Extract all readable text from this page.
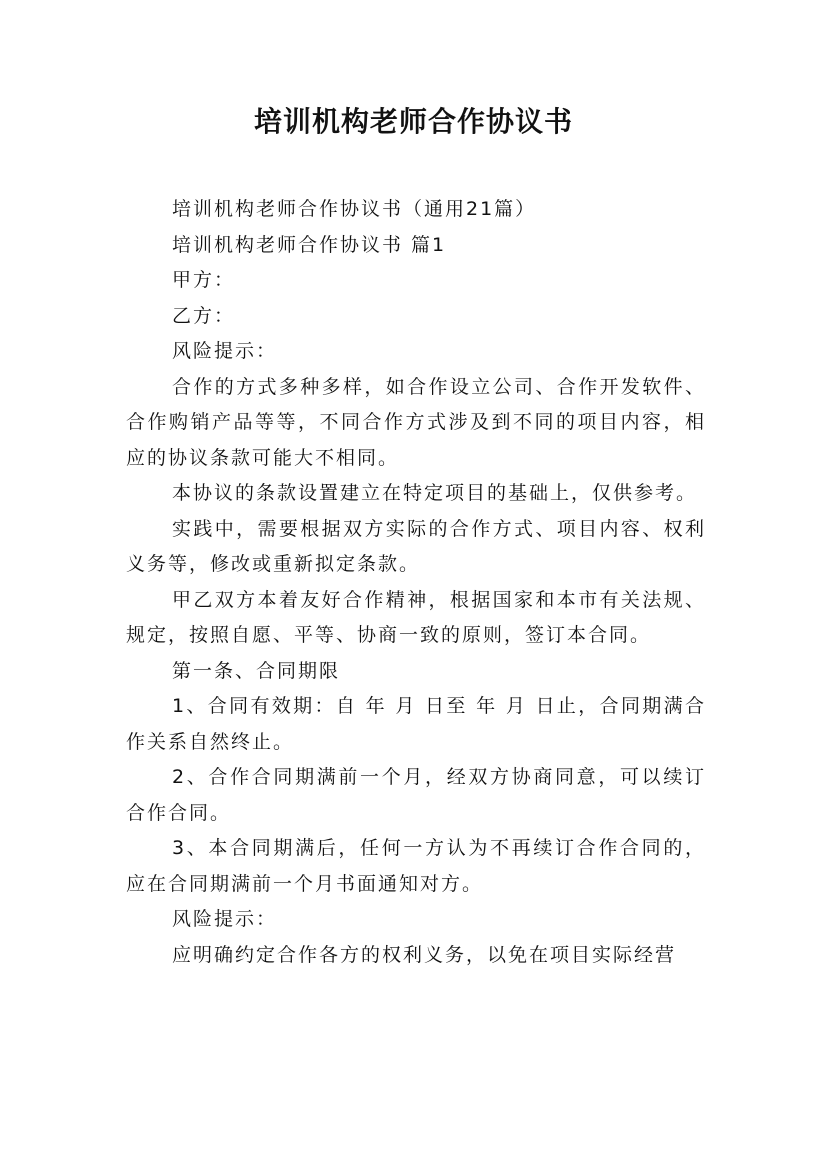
培训机构老师合作协议书

培训机构老师合作协议书（通用21篇）

培训机构老师合作协议书 篇1

甲方：

乙方：

风险提示：

合作的方式多种多样，如合作设立公司、合作开发软件、合作购销产品等等，不同合作方式涉及到不同的项目内容，相应的协议条款可能大不相同。

本协议的条款设置建立在特定项目的基础上，仅供参考。

实践中，需要根据双方实际的合作方式、项目内容、权利义务等，修改或重新拟定条款。

甲乙双方本着友好合作精神，根据国家和本市有关法规、规定，按照自愿、平等、协商一致的原则，签订本合同。

第一条、合同期限

1、合同有效期：自 年 月 日至 年 月 日止，合同期满合作关系自然终止。

2、合作合同期满前一个月，经双方协商同意，可以续订合作合同。

3、本合同期满后，任何一方认为不再续订合作合同的，应在合同期满前一个月书面通知对方。

风险提示：

应明确约定合作各方的权利义务，以免在项目实际经营
